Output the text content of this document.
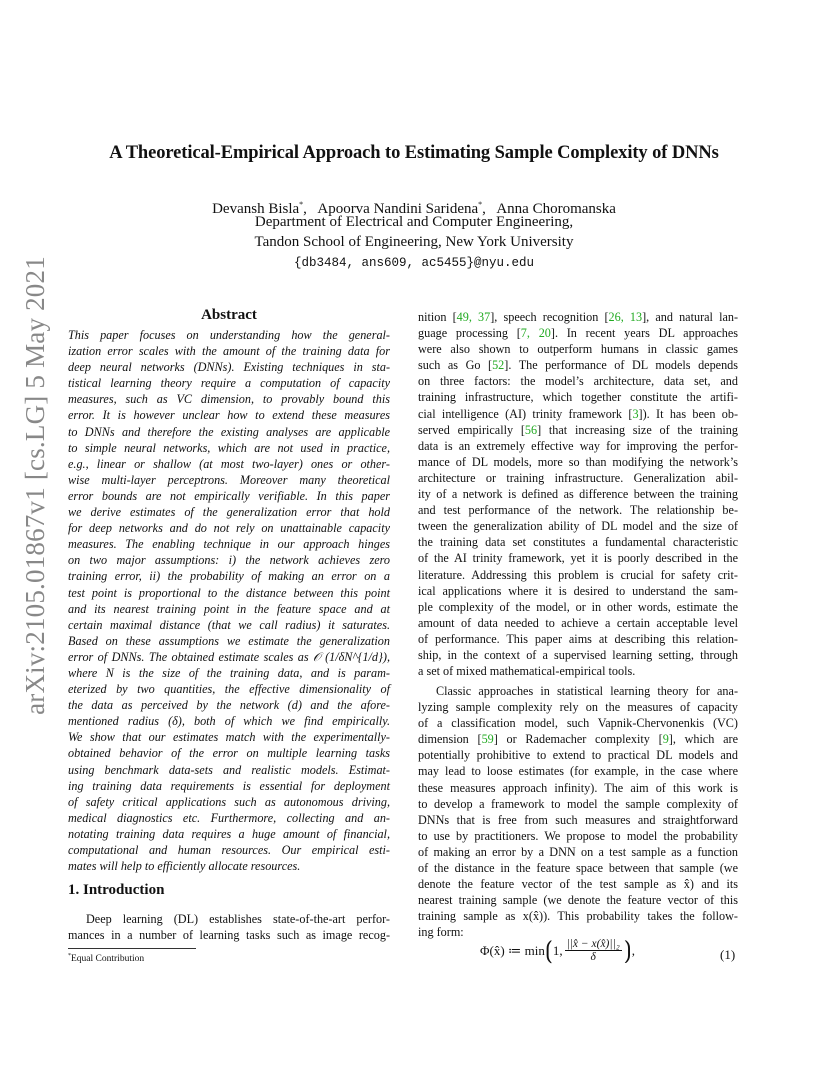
arXiv:2105.01867v1 [cs.LG] 5 May 2021
A Theoretical-Empirical Approach to Estimating Sample Complexity of DNNs
Devansh Bisla*,   Apoorva Nandini Saridena*,   Anna Choromanska
Department of Electrical and Computer Engineering,
Tandon School of Engineering, New York University
{db3484, ans609, ac5455}@nyu.edu
Abstract
This paper focuses on understanding how the general-
ization error scales with the amount of the training data for
deep neural networks (DNNs). Existing techniques in sta-
tistical learning theory require a computation of capacity
measures, such as VC dimension, to provably bound this
error. It is however unclear how to extend these measures
to DNNs and therefore the existing analyses are applicable
to simple neural networks, which are not used in practice,
e.g., linear or shallow (at most two-layer) ones or other-
wise multi-layer perceptrons. Moreover many theoretical
error bounds are not empirically verifiable. In this paper
we derive estimates of the generalization error that hold
for deep networks and do not rely on unattainable capacity
measures. The enabling technique in our approach hinges
on two major assumptions: i) the network achieves zero
training error, ii) the probability of making an error on a
test point is proportional to the distance between this point
and its nearest training point in the feature space and at
certain maximal distance (that we call radius) it saturates.
Based on these assumptions we estimate the generalization
error of DNNs. The obtained estimate scales as 𝒪 (1/δN^{1/d}),
where N is the size of the training data, and is param-
eterized by two quantities, the effective dimensionality of
the data as perceived by the network (d) and the afore-
mentioned radius (δ), both of which we find empirically.
We show that our estimates match with the experimentally-
obtained behavior of the error on multiple learning tasks
using benchmark data-sets and realistic models. Estimat-
ing training data requirements is essential for deployment
of safety critical applications such as autonomous driving,
medical diagnostics etc. Furthermore, collecting and an-
notating training data requires a huge amount of financial,
computational and human resources. Our empirical esti-
mates will help to efficiently allocate resources.
1. Introduction
Deep learning (DL) establishes state-of-the-art perfor-
mances in a number of learning tasks such as image recog-
*Equal Contribution
nition [49, 37], speech recognition [26, 13], and natural lan-
guage processing [7, 20]. In recent years DL approaches
were also shown to outperform humans in classic games
such as Go [52]. The performance of DL models depends
on three factors: the model’s architecture, data set, and
training infrastructure, which together constitute the artifi-
cial intelligence (AI) trinity framework [3]). It has been ob-
served empirically [56] that increasing size of the training
data is an extremely effective way for improving the perfor-
mance of DL models, more so than modifying the network’s
architecture or training infrastructure. Generalization abil-
ity of a network is defined as difference between the training
and test performance of the network. The relationship be-
tween the generalization ability of DL model and the size of
the training data set constitutes a fundamental characteristic
of the AI trinity framework, yet it is poorly described in the
literature. Addressing this problem is crucial for safety crit-
ical applications where it is desired to understand the sam-
ple complexity of the model, or in other words, estimate the
amount of data needed to achieve a certain acceptable level
of performance. This paper aims at describing this relation-
ship, in the context of a supervised learning setting, through
a set of mixed mathematical-empirical tools.
Classic approaches in statistical learning theory for ana-
lyzing sample complexity rely on the measures of capacity
of a classification model, such Vapnik-Chervonenkis (VC)
dimension [59] or Rademacher complexity [9], which are
potentially prohibitive to extend to practical DL models and
may lead to loose estimates (for example, in the case where
these measures approach infinity). The aim of this work is
to develop a framework to model the sample complexity of
DNNs that is free from such measures and straightforward
to use by practitioners. We propose to model the probability
of making an error by a DNN on a test sample as a function
of the distance in the feature space between that sample (we
denote the feature vector of the test sample as x̂) and its
nearest training sample (we denote the feature vector of this
training sample as x(x̂)). This probability takes the follow-
ing form:
Φ(x̂) ≔ min ⟮ 1, $\frac{\text{||x̂ − x(x̂)||₂}}{\delta}$ ⟯ ,	(1)
